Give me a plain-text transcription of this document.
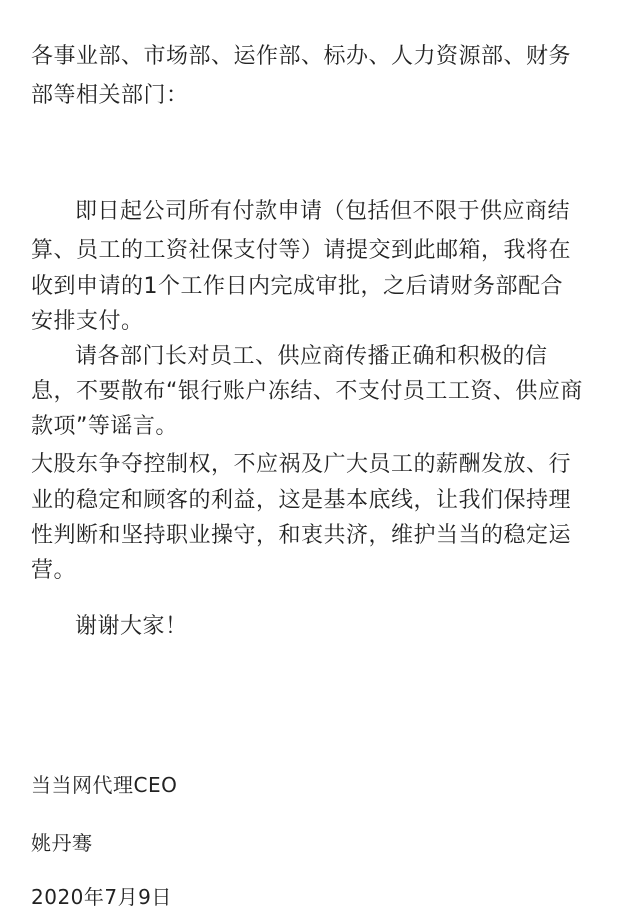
各事业部、市场部、运作部、标办、人力资源部、财务
部等相关部门：
即日起公司所有付款申请（包括但不限于供应商结
算、员工的工资社保支付等）请提交到此邮箱，我将在
收到申请的1个工作日内完成审批，之后请财务部配合
安排支付。
请各部门长对员工、供应商传播正确和积极的信
息，不要散布“银行账户冻结、不支付员工工资、供应商
款项”等谣言。
大股东争夺控制权，不应祸及广大员工的薪酬发放、行
业的稳定和顾客的利益，这是基本底线，让我们保持理
性判断和坚持职业操守，和衷共济，维护当当的稳定运
营。
谢谢大家！
当当网代理CEO
姚丹骞
2020年7月9日
